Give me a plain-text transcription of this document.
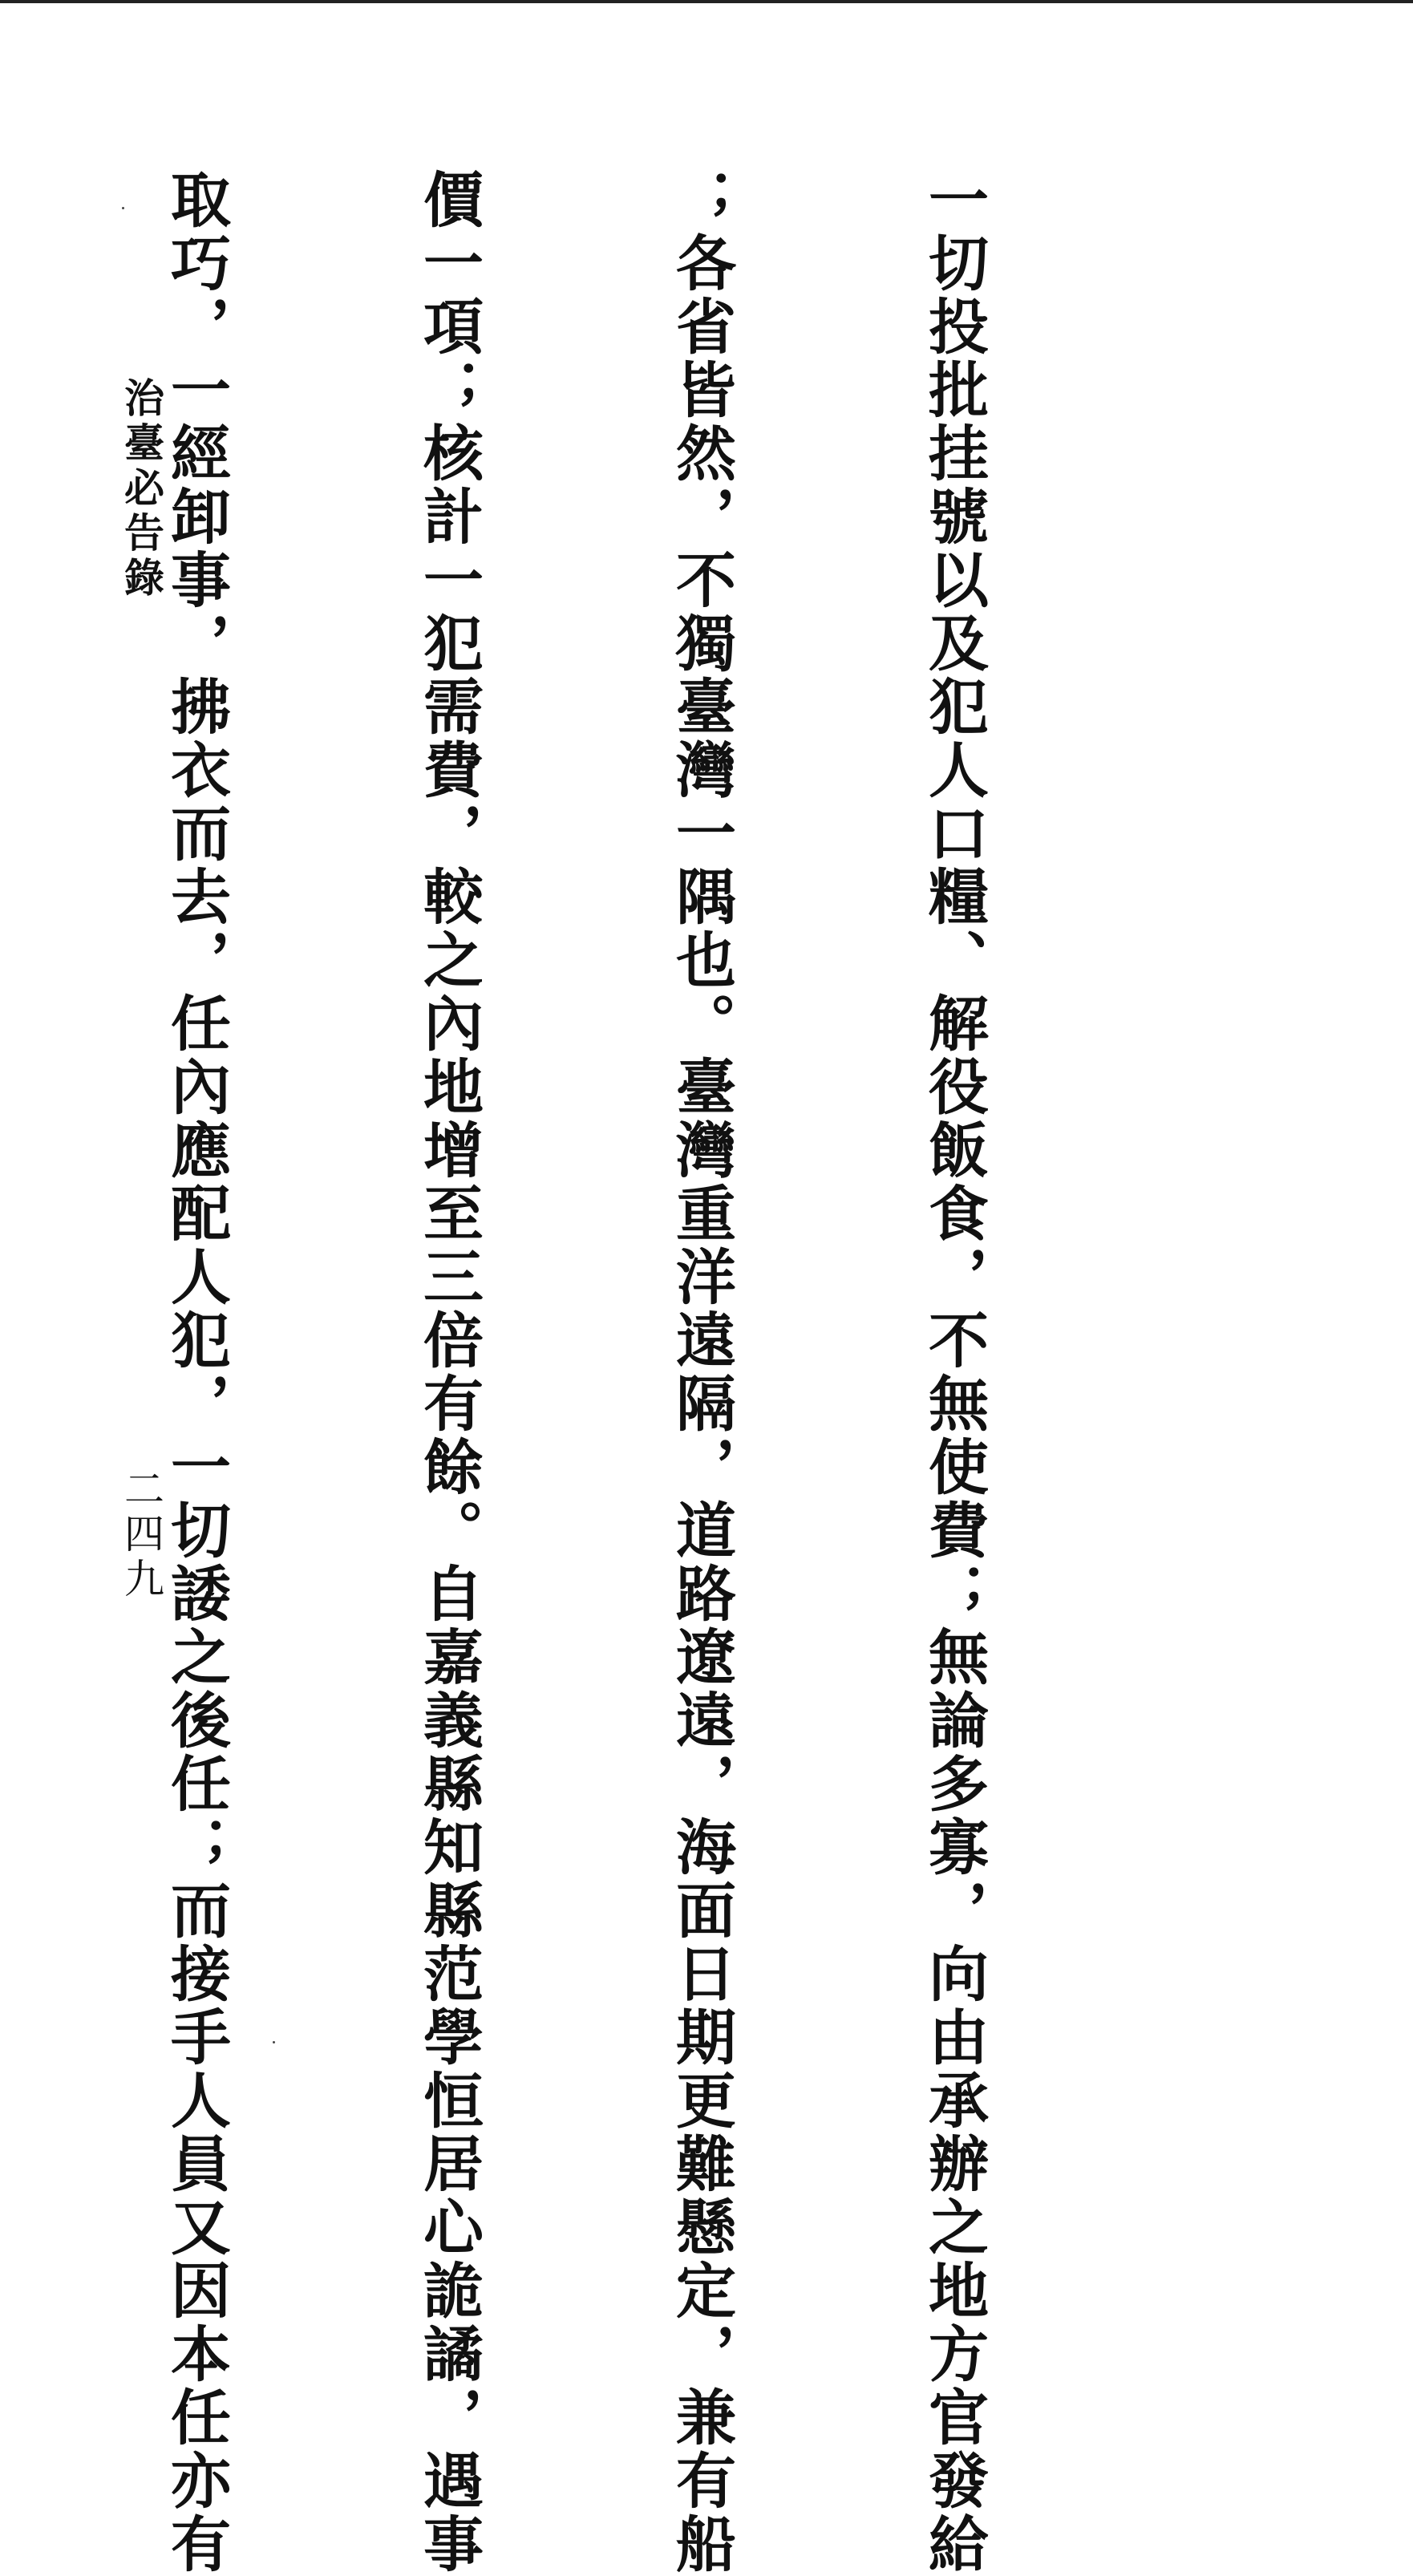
一切投批挂號以及犯人口糧、解役飯食，不無使費；無論多寡，向由承辦之地方官發給

；各省皆然，不獨臺灣一隅也。臺灣重洋遠隔，道路遼遠，海面日期更難懸定，兼有船

價一項；核計一犯需費，較之內地增至三倍有餘。自嘉義縣知縣范學恒居心詭譎，遇事

取巧，一經卸事，拂衣而去，任內應配人犯，一切諉之後任；而接手人員又因本任亦有

治臺必告錄
二四九
